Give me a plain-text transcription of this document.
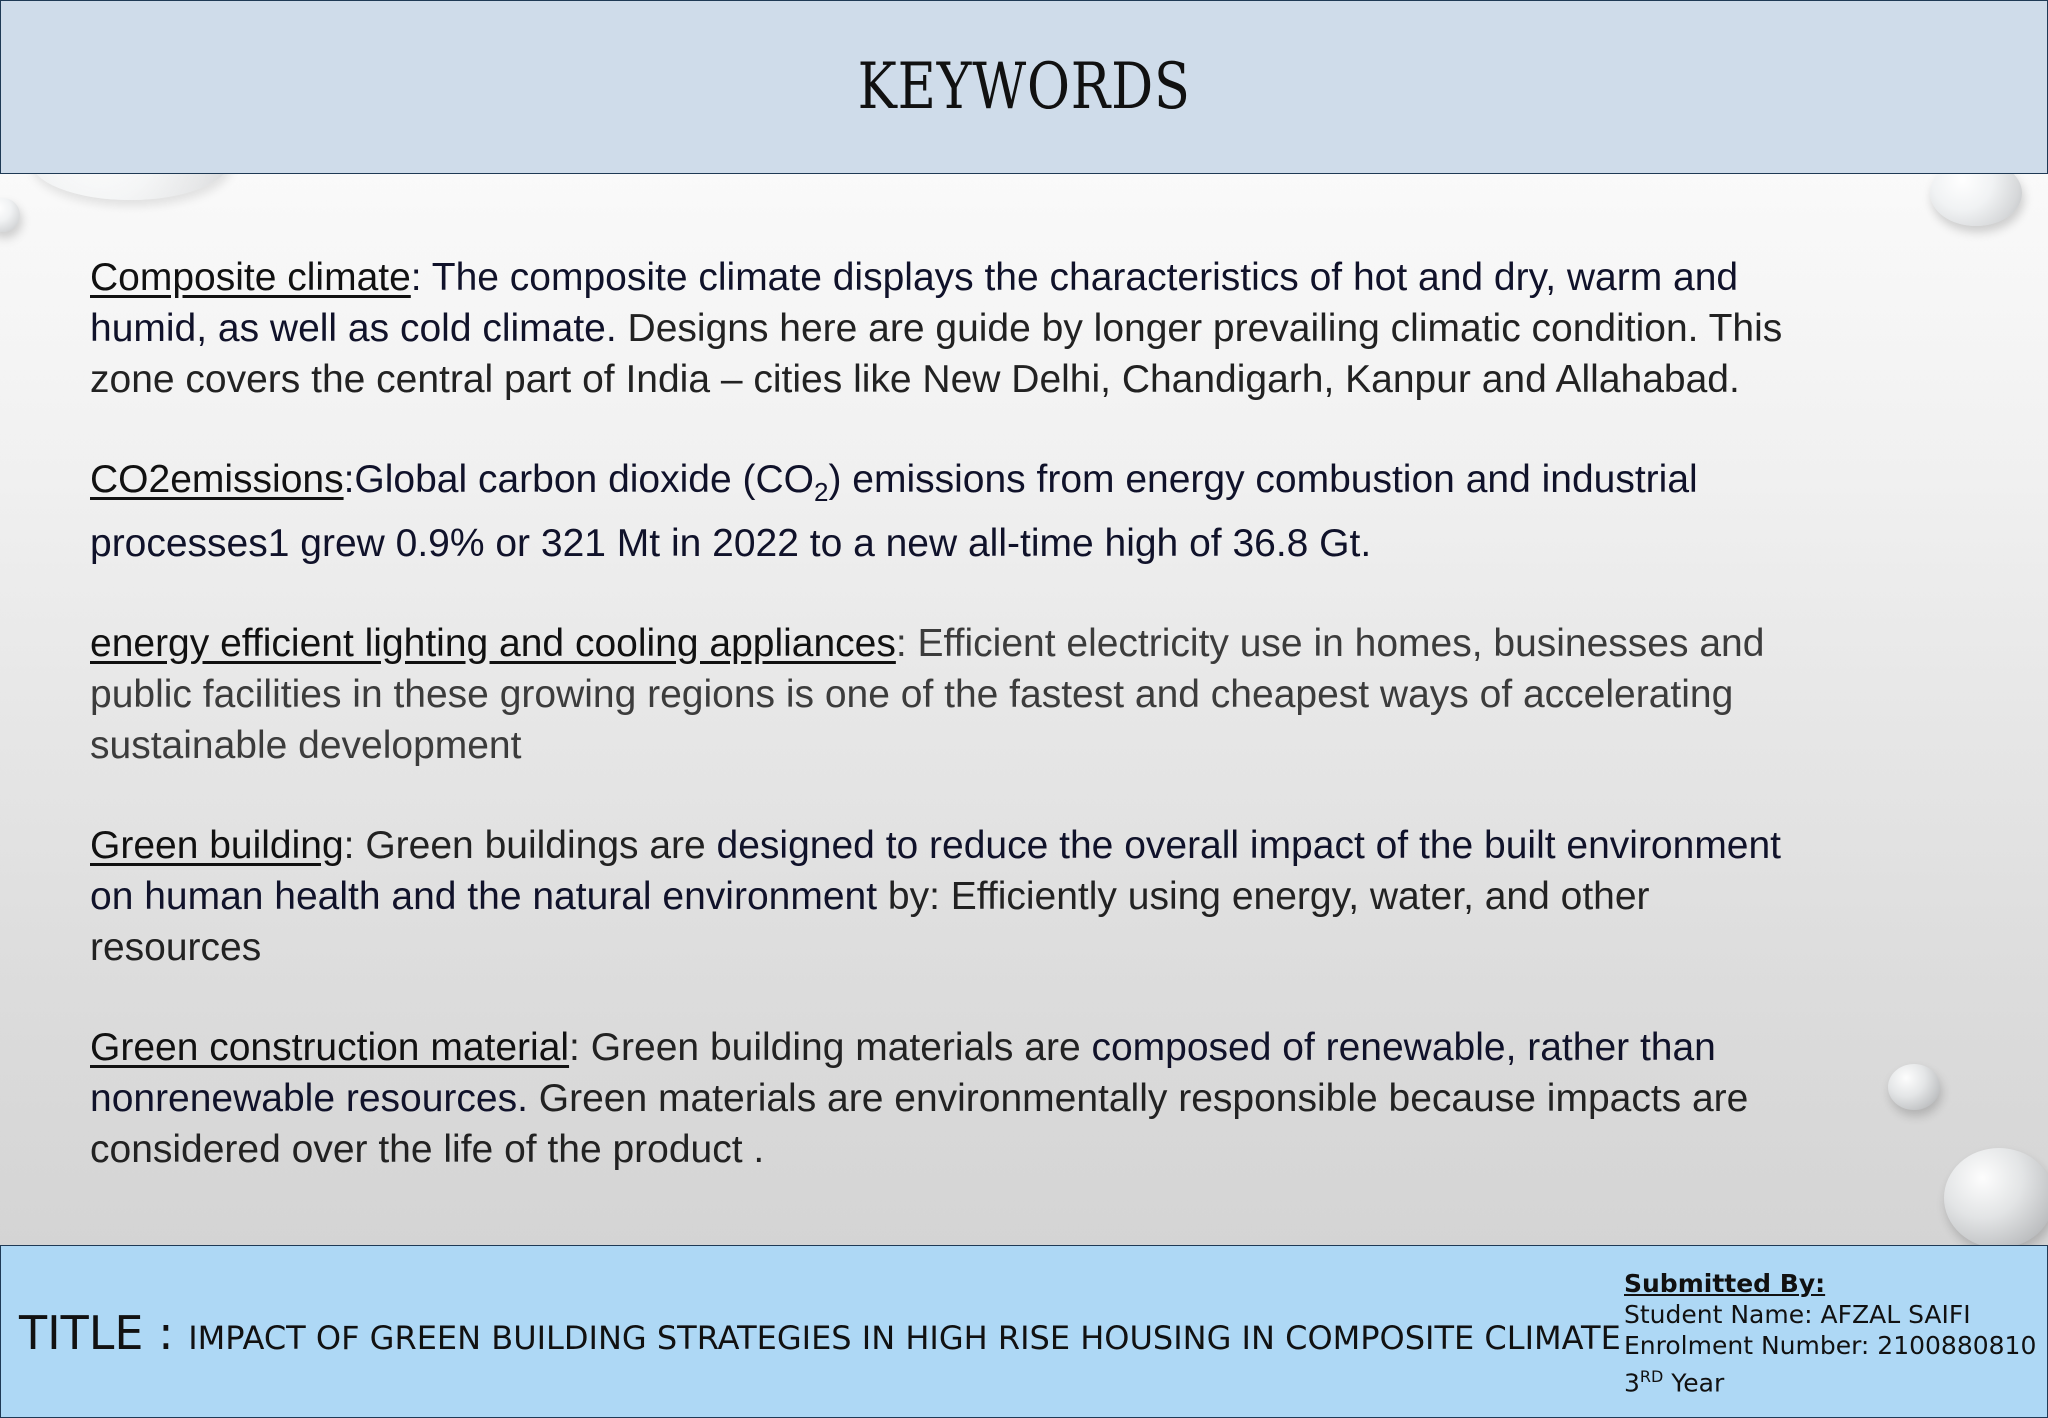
KEYWORDS

Composite climate: The composite climate displays the characteristics of hot and dry, warm and humid, as well as cold climate. Designs here are guide by longer prevailing climatic condition. This zone covers the central part of India – cities like New Delhi, Chandigarh, Kanpur and Allahabad.

CO2emissions:Global carbon dioxide $(CO_2)$ emissions from energy combustion and industrial processes1 grew 0.9% or 321 Mt in 2022 to a new all-time high of 36.8 Gt.

energy efficient lighting and cooling appliances: Efficient electricity use in homes, businesses and public facilities in these growing regions is one of the fastest and cheapest ways of accelerating sustainable development

Green building: Green buildings are designed to reduce the overall impact of the built environment on human health and the natural environment by: Efficiently using energy, water, and other resources

Green construction material: Green building materials are composed of renewable, rather than nonrenewable resources. Green materials are environmentally responsible because impacts are considered over the life of the product .

TITLE : IMPACT OF GREEN BUILDING STRATEGIES IN HIGH RISE HOUSING IN COMPOSITE CLIMATE
Submitted By:
Student Name: AFZAL SAIFI
Enrolment Number: 2100880810
3RD Year
